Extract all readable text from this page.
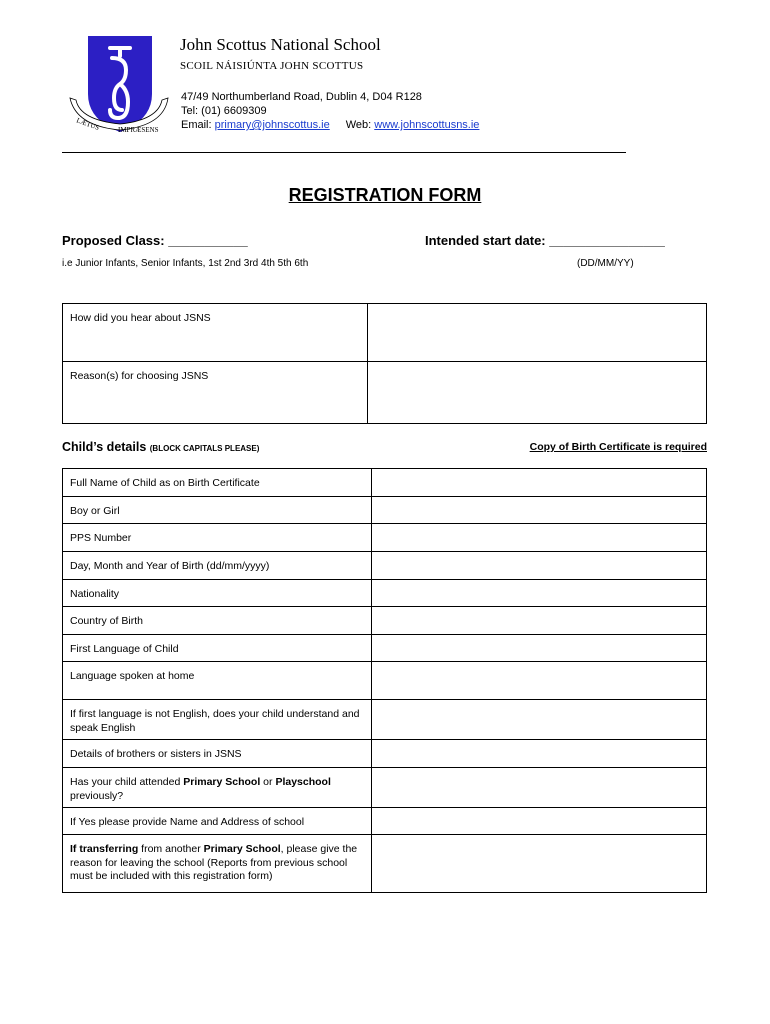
LÆTUS	IMPRÆSENS
John Scottus National School
SCOIL NÁISIÚNTA JOHN SCOTTUS
47/49 Northumberland Road, Dublin 4, D04 R128
Tel: (01) 6609309
Email: primary@johnscottus.ie Web: www.johnscottusns.ie
REGISTRATION FORM
Proposed Class: ___________	Intended start date: ________________
i.e Junior Infants, Senior Infants, 1st 2nd 3rd 4th 5th 6th	(DD/MM/YY)
How did you hear about JSNS	
Reason(s) for choosing JSNS	
Child’s details (BLOCK CAPITALS PLEASE)	Copy of Birth Certificate is required
Full Name of Child as on Birth Certificate	
Boy or Girl	
PPS Number	
Day, Month and Year of Birth (dd/mm/yyyy)	
Nationality	
Country of Birth	
First Language of Child	
Language spoken at home	
If first language is not English, does your child understand and speak English	
Details of brothers or sisters in JSNS	
Has your child attended Primary School or Playschool previously?	
If Yes please provide Name and Address of school	
If transferring from another Primary School, please give the reason for leaving the school (Reports from previous school must be included with this registration form)	
